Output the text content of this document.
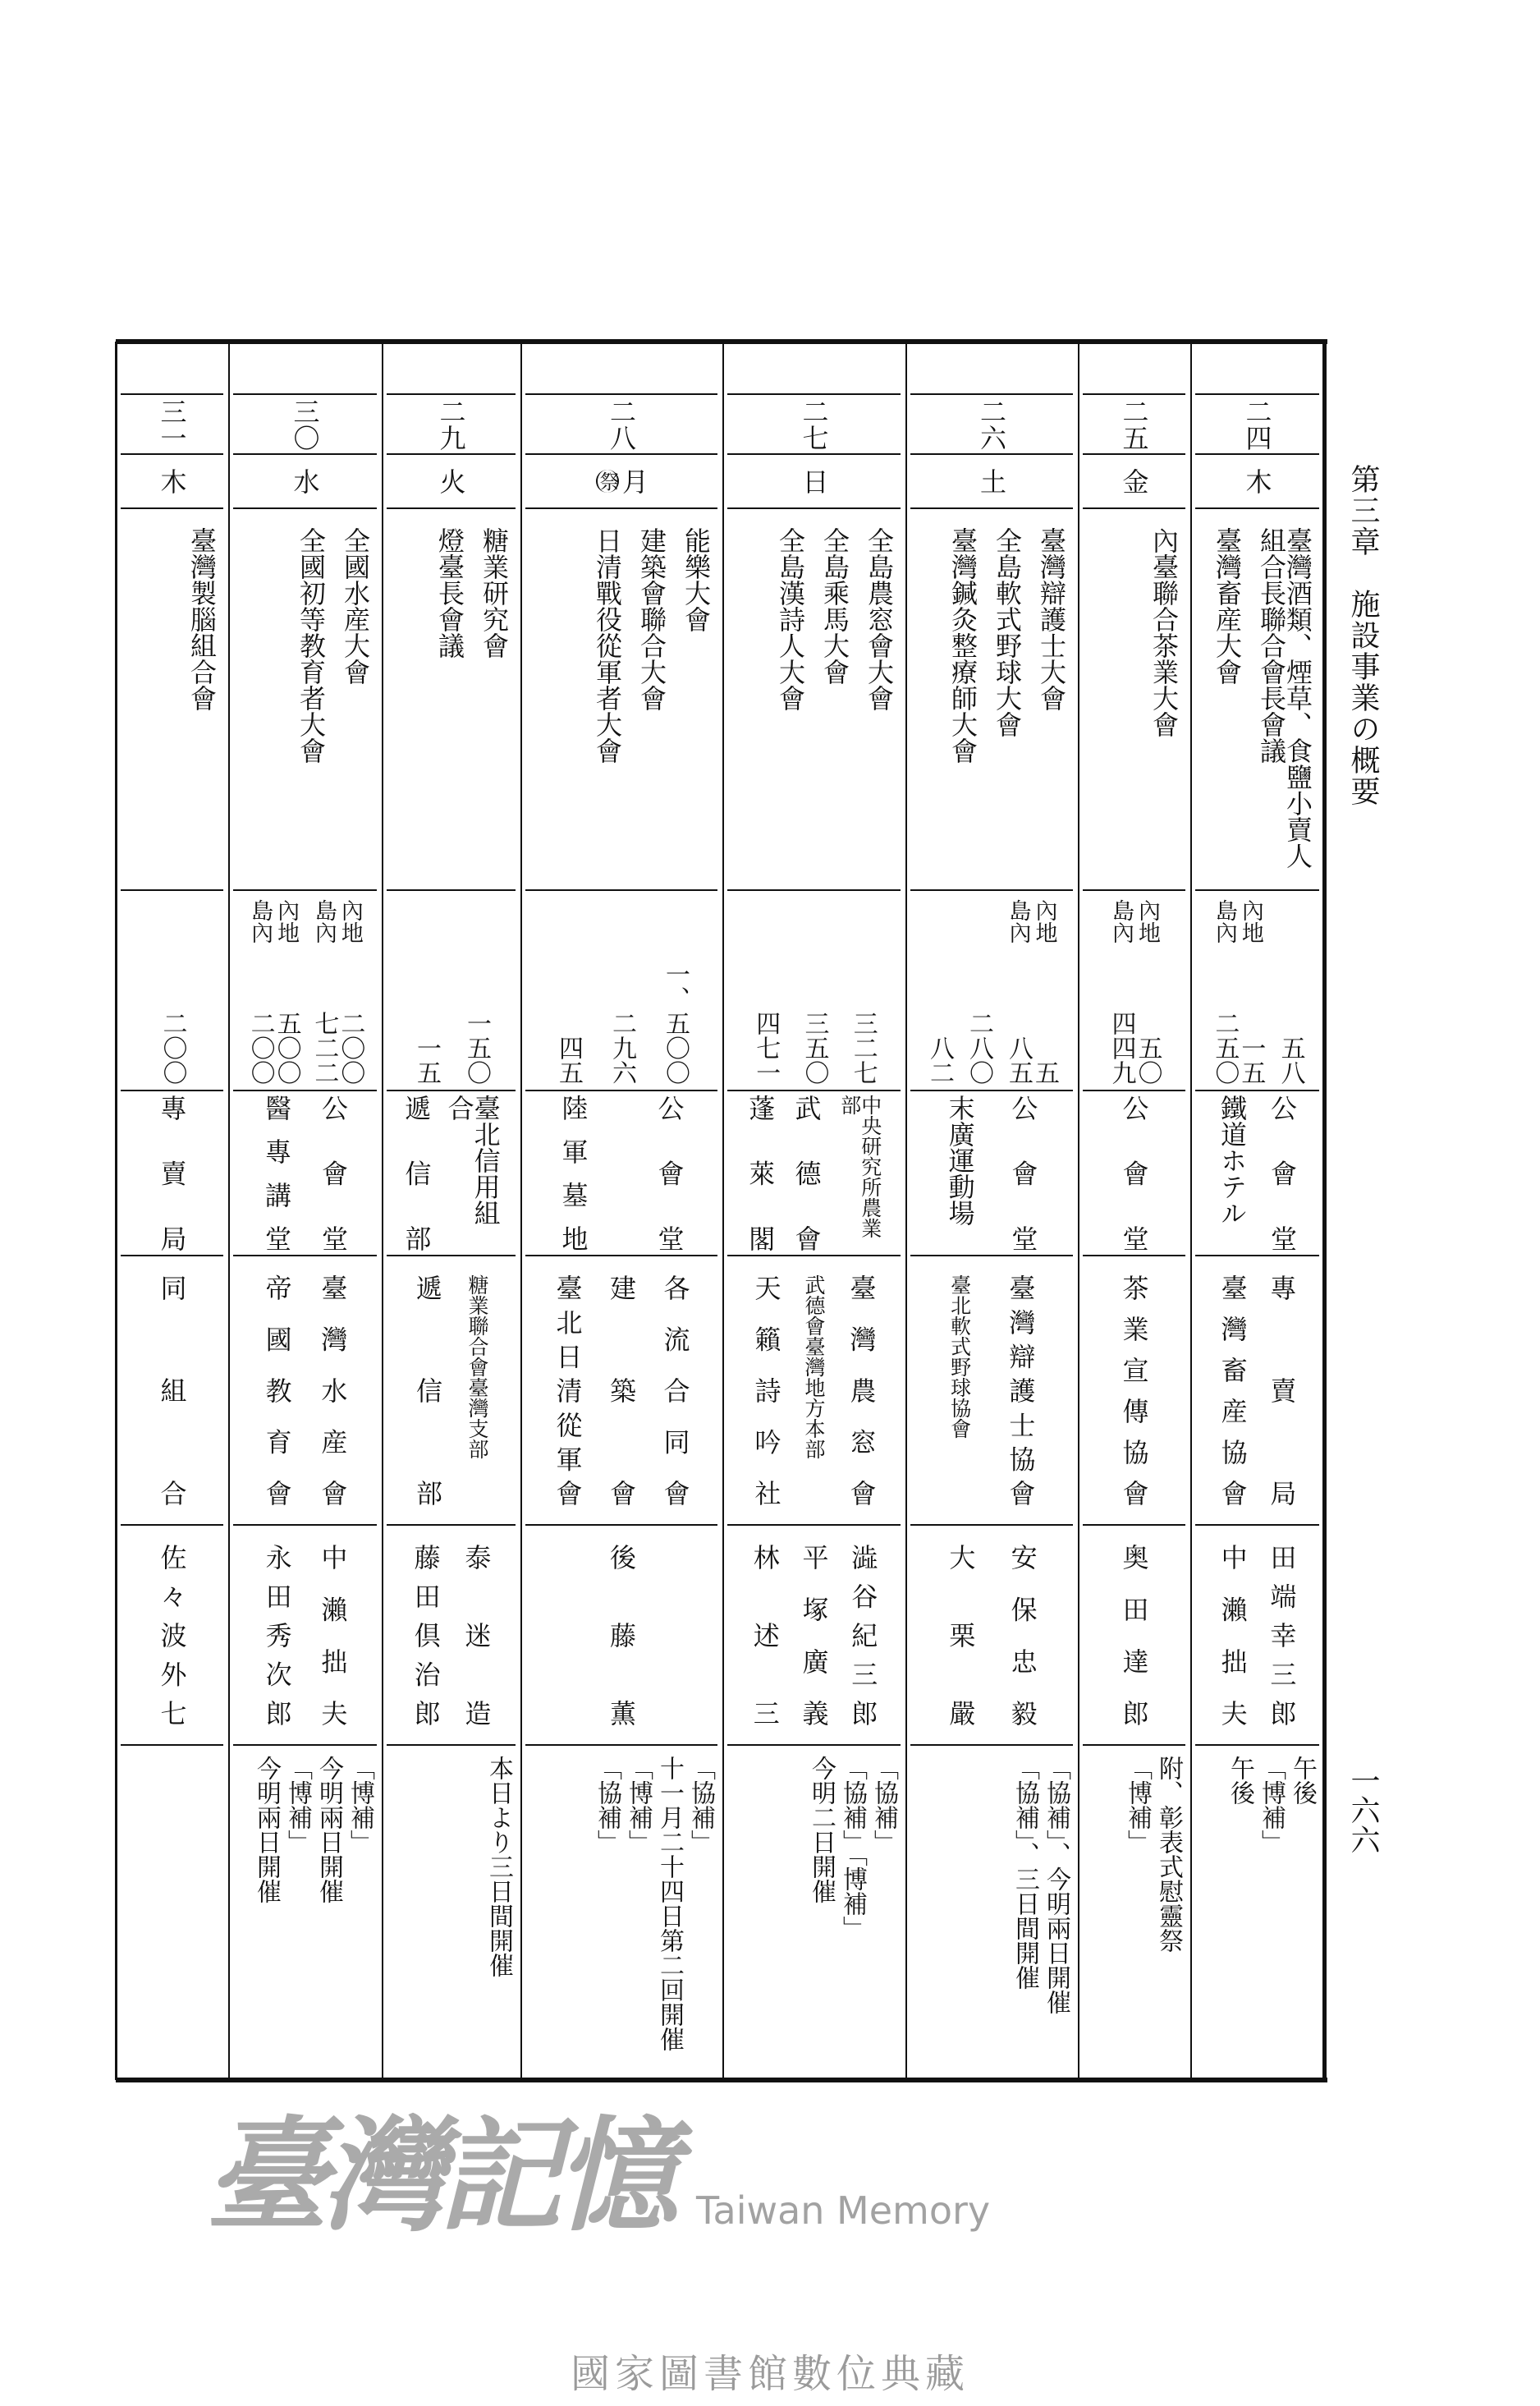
第三章　施設事業の概要
一六六
二四
木
臺灣酒類、煙草、食鹽小賣人組合長聯合會長會議
臺灣畜産大會
五八
內地
一五
島內
二五〇
公會堂
鐵道ホテル
專賣局
臺灣畜産協會
田端幸三郎
中瀨拙夫
午後
「博補」
午後
二五
金
內臺聯合茶業大會
內地
五〇
島內
四四九
公會堂
茶業宣傳協會
奥田達郎
附、彰表式慰靈祭
「博補」
二六
土
臺灣辯護士大會
全島軟式野球大會
臺灣鍼灸整療師大會
內地
五
島內
八五
二八〇
八二
公會堂
末廣運動場
臺灣辯護士協會
臺北軟式野球協會
安保忠毅
大栗嚴
「協補」、今明兩日開催
「協補」、三日間開催
二七
日
全島農窓會大會
全島乘馬大會
全島漢詩人大會
三二七
三五〇
四七一
中央研究所農業部
武德會
蓬萊閣
臺灣農窓會
武德會臺灣地方本部
天籟詩吟社
澁谷紀三郎
平塚廣義
林述三
「協補」
「協補」「博補」
今明二日開催
二八
月
祭
能樂大會
建築會聯合大會
日清戰役從軍者大會
一、五〇〇
二九六
四五
公會堂
陸軍墓地
各流合同會
建築會
臺北日清從軍會
後藤薫
「協補」
十一月二十四日第二回開催
「博補」
「協補」
二九
火
糖業研究會
燈臺長會議
一五〇
一五
臺北信用組合
遞信部
糖業聯合會臺灣支部
遞信部
泰迷造
藤田倶治郎
本日より三日間開催
三〇
水
全國水産大會
全國初等教育者大會
內地
二〇〇
島內
七二二
內地
五〇〇
島內
二〇〇
公會堂
醫專講堂
臺灣水産會
帝國教育會
中瀨拙夫
永田秀次郎
「博補」
今明兩日開催
「博補」
今明兩日開催
三一
木
臺灣製腦組合會
二〇〇
專賣局
同組合
佐々波外七
臺灣記憶 Taiwan Memory
國家圖書館數位典藏
